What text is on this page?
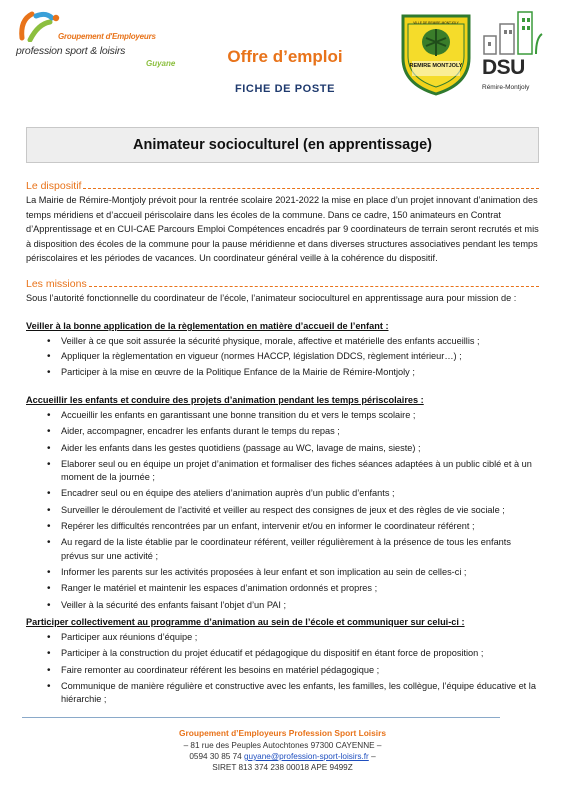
Groupement d'Employeurs
profession sport & loisirs
Guyane	Offre d’emploi
FICHE DE POSTE
VILLE DE REMIRE-MONTJOLY
REMIRE MONTJOLY DSU
Rémire-Montjoly
Animateur socioculturel (en apprentissage)
Le dispositif
La Mairie de Rémire-Montjoly prévoit pour la rentrée scolaire 2021-2022 la mise en place d’un projet innovant d’animation des temps méridiens et d’accueil périscolaire dans les écoles de la commune. Dans ce cadre, 150 animateurs en Contrat d’Apprentissage et en CUI-CAE Parcours Emploi Compétences encadrés par 9 coordinateurs de terrain seront recrutés et mis à disposition des écoles de la commune pour la pause méridienne et dans diverses structures associatives pendant les temps périscolaires et les périodes de vacances. Un coordinateur général veille à la cohérence du dispositif.
Les missions
Sous l’autorité fonctionnelle du coordinateur de l’école, l’animateur socioculturel en apprentissage aura pour mission de :
Veiller à la bonne application de la règlementation en matière d’accueil de l’enfant :
• Veiller à ce que soit assurée la sécurité physique, morale, affective et matérielle des enfants accueillis ;
• Appliquer la règlementation en vigueur (normes HACCP, législation DDCS, règlement intérieur…) ;
• Participer à la mise en œuvre de la Politique Enfance de la Mairie de Rémire-Montjoly ;
Accueillir les enfants et conduire des projets d’animation pendant les temps périscolaires :
• Accueillir les enfants en garantissant une bonne transition du et vers le temps scolaire ;
• Aider, accompagner, encadrer les enfants durant le temps du repas ;
• Aider les enfants dans les gestes quotidiens (passage au WC, lavage de mains, sieste) ;
• Elaborer seul ou en équipe un projet d’animation et formaliser des fiches séances adaptées à un public ciblé et à un moment de la journée ;
• Encadrer seul ou en équipe des ateliers d’animation auprès d’un public d’enfants ;
• Surveiller le déroulement de l’activité et veiller au respect des consignes de jeux et des règles de vie sociale ;
• Repérer les difficultés rencontrées par un enfant, intervenir et/ou en informer le coordinateur référent ;
• Au regard de la liste établie par le coordinateur référent, veiller régulièrement à la présence de tous les enfants prévus sur une activité ;
• Informer les parents sur les activités proposées à leur enfant et son implication au sein de celles-ci ;
• Ranger le matériel et maintenir les espaces d’animation ordonnés et propres ;
• Veiller à la sécurité des enfants faisant l’objet d’un PAI ;
Participer collectivement au programme d’animation au sein de l’école et communiquer sur celui-ci :
• Participer aux réunions d’équipe ;
• Participer à la construction du projet éducatif et pédagogique du dispositif en étant force de proposition ;
• Faire remonter au coordinateur référent les besoins en matériel pédagogique ;
• Communique de manière régulière et constructive avec les enfants, les familles, les collègue, l’équipe éducative et la hiérarchie ;
Groupement d’Employeurs Profession Sport Loisirs
– 81 rue des Peuples Autochtones 97300 CAYENNE –
0594 30 85 74 guyane@profession-sport-loisirs.fr –
SIRET 813 374 238 00018 APE 9499Z
